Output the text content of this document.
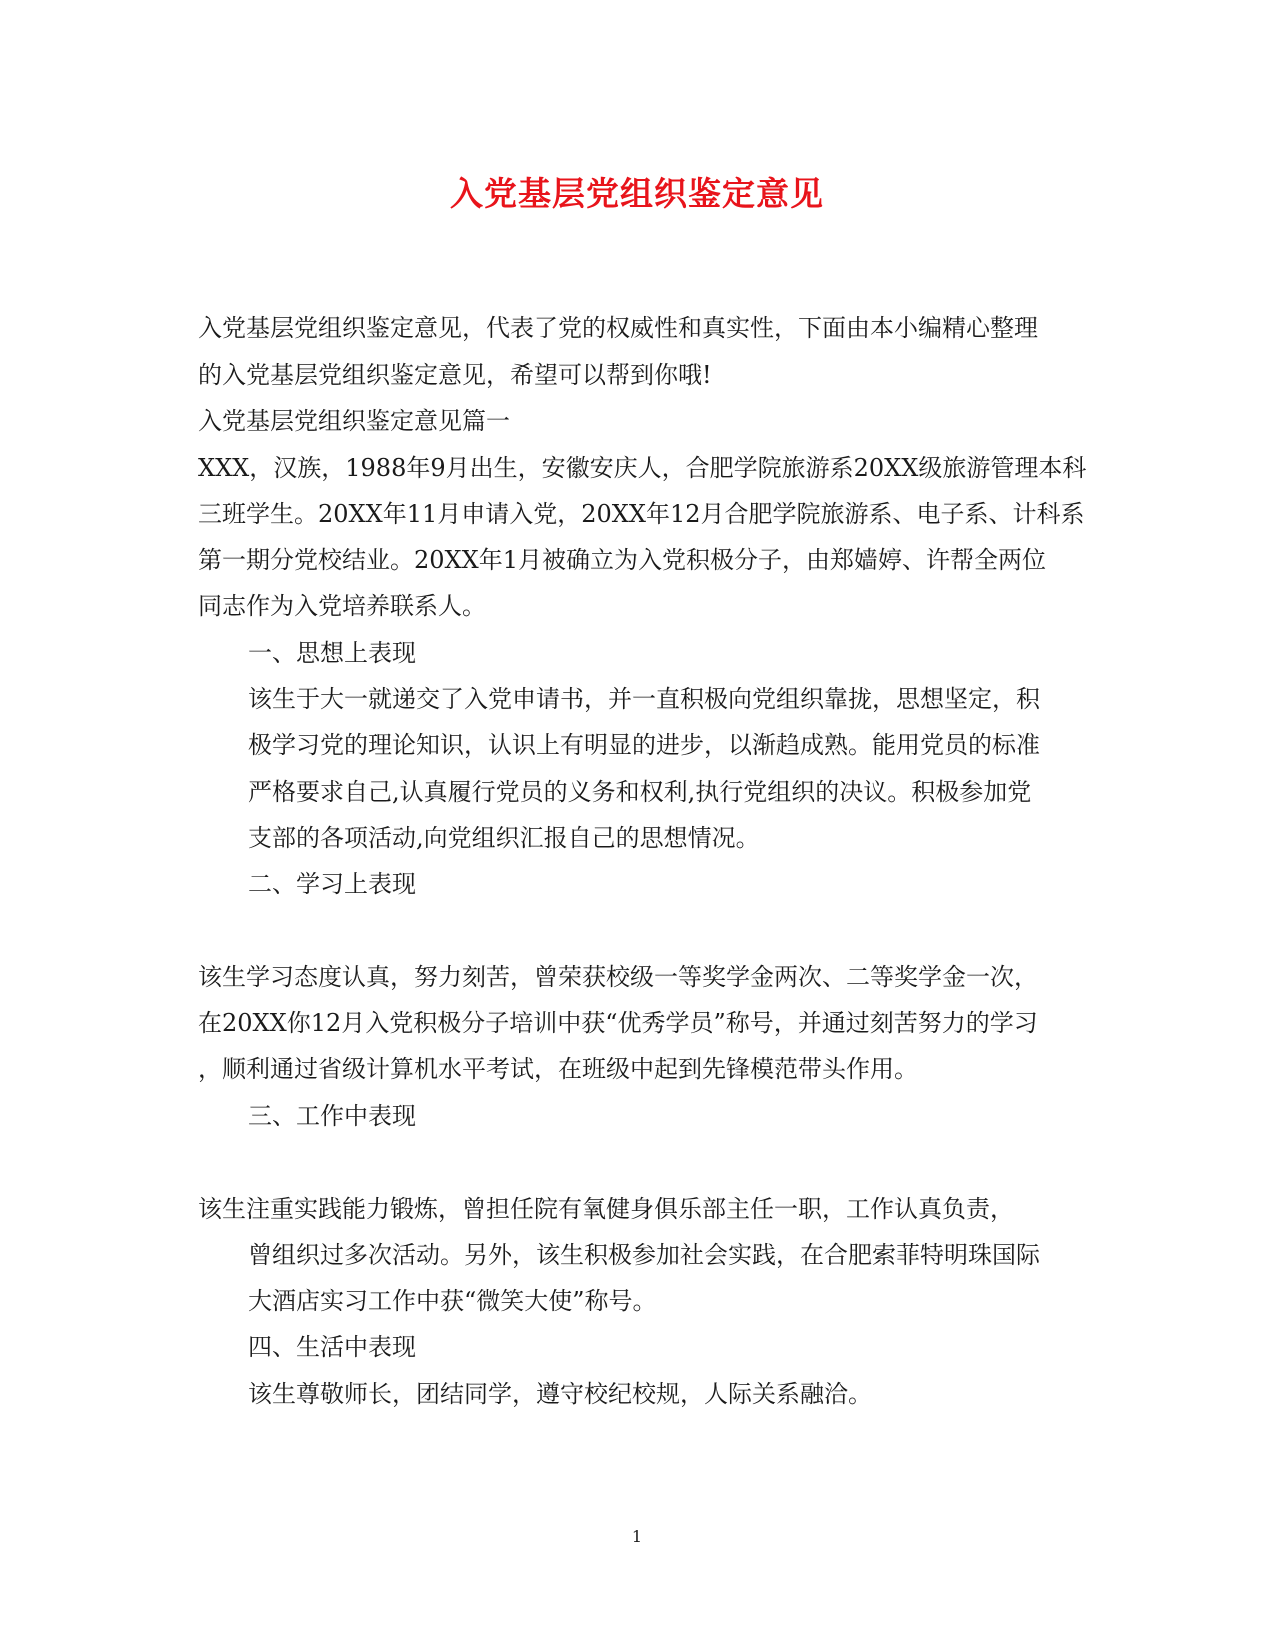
入党基层党组织鉴定意见

入党基层党组织鉴定意见，代表了党的权威性和真实性，下面由本小编精心整理

的入党基层党组织鉴定意见，希望可以帮到你哦!

入党基层党组织鉴定意见篇一

XXX，汉族，1988年9月出生，安徽安庆人，合肥学院旅游系20XX级旅游管理本科

三班学生。20XX年11月申请入党，20XX年12月合肥学院旅游系、电子系、计科系

第一期分党校结业。20XX年1月被确立为入党积极分子，由郑嫱婷、许帮全两位

同志作为入党培养联系人。

一、思想上表现

该生于大一就递交了入党申请书，并一直积极向党组织靠拢，思想坚定，积

极学习党的理论知识，认识上有明显的进步，以渐趋成熟。能用党员的标准

严格要求自己,认真履行党员的义务和权利,执行党组织的决议。积极参加党

支部的各项活动,向党组织汇报自己的思想情况。

二、学习上表现

该生学习态度认真，努力刻苦，曾荣获校级一等奖学金两次、二等奖学金一次，

在20XX你12月入党积极分子培训中获“优秀学员”称号，并通过刻苦努力的学习

，顺利通过省级计算机水平考试，在班级中起到先锋模范带头作用。

三、工作中表现

该生注重实践能力锻炼，曾担任院有氧健身俱乐部主任一职，工作认真负责，

曾组织过多次活动。另外，该生积极参加社会实践，在合肥索菲特明珠国际

大酒店实习工作中获“微笑大使”称号。

四、生活中表现

该生尊敬师长，团结同学，遵守校纪校规，人际关系融洽。

1
